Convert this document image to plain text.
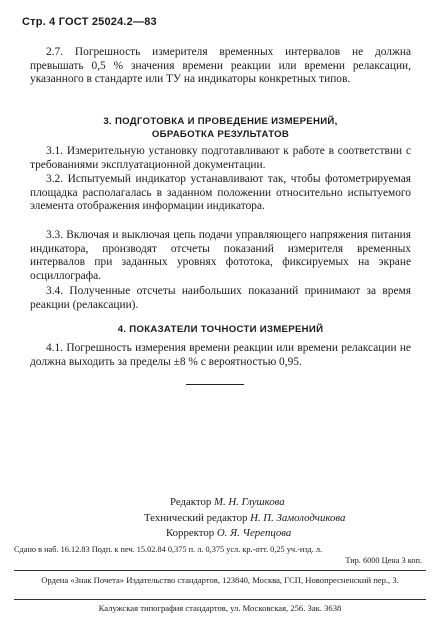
Стр. 4 ГОСТ 25024.2—83

2.7. Погрешность измерителя временных интервалов не должна превышать 0,5 % значения времени реакции или времени релаксации, указанного в стандарте или ТУ на индикаторы конкретных типов.

3. ПОДГОТОВКА И ПРОВЕДЕНИЕ ИЗМЕРЕНИЙ,
ОБРАБОТКА РЕЗУЛЬТАТОВ

3.1. Измерительную установку подготавливают к работе в соответствии с требованиями эксплуатационной документации.

3.2. Испытуемый индикатор устанавливают так, чтобы фотометрируемая площадка располагалась в заданном положении относительно испытуемого элемента отображения информации индикатора.

3.3. Включая и выключая цепь подачи управляющего напряжения питания индикатора, производят отсчеты показаний измерителя временных интервалов при заданных уровнях фототока, фиксируемых на экране осциллографа.

3.4. Полученные отсчеты наибольших показаний принимают за время реакции (релаксации).

4. ПОКАЗАТЕЛИ ТОЧНОСТИ ИЗМЕРЕНИЙ

4.1. Погрешность измерения времени реакции или времени релаксации не должна выходить за пределы ±8 % с вероятностью 0,95.

Редактор М. Н. Глушкова
Технический редактор Н. П. Замолодчикова
Корректор О. Я. Черепцова
Сдано в наб. 16.12.83 Подп. к печ. 15.02.84 0,375 п. л. 0,375 усл. кр.-отт. 0,25 уч.-изд. л.
Тир. 6000 Цена 3 коп.
Ордена «Знак Почета» Издательство стандартов, 123840, Москва, ГСП, Новопресненский пер., 3.
Калужская типография стандартов, ул. Московская, 256. Зак. 3638
